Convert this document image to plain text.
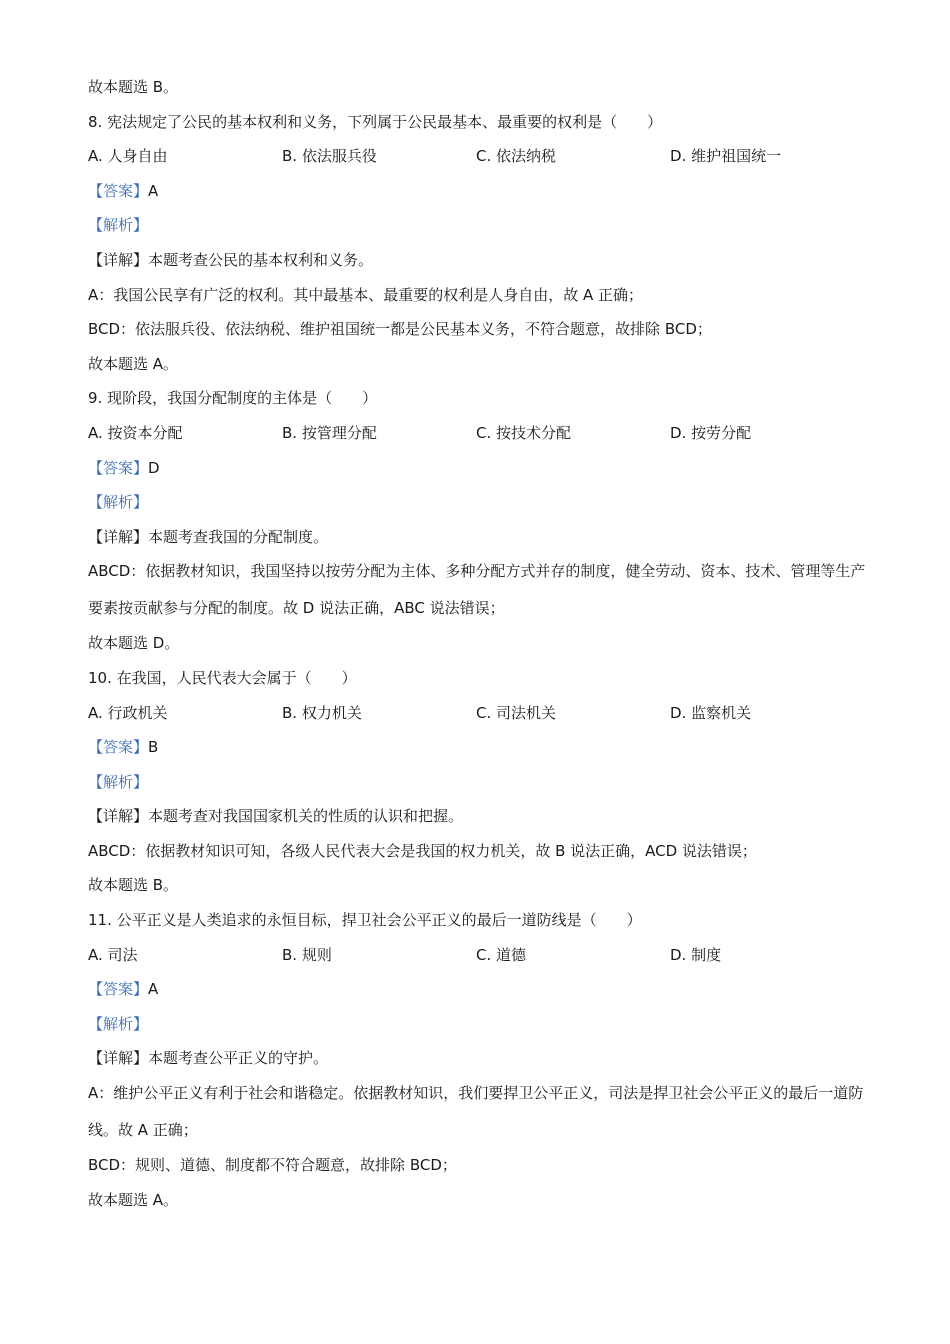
故本题选 B。

8. 宪法规定了公民的基本权利和义务，下列属于公民最基本、最重要的权利是（　　）

A. 人身自由	B. 依法服兵役	C. 依法纳税	D. 维护祖国统一

【答案】A

【解析】

【详解】本题考查公民的基本权利和义务。

A：我国公民享有广泛的权利。其中最基本、最重要的权利是人身自由，故 A 正确；

BCD：依法服兵役、依法纳税、维护祖国统一都是公民基本义务，不符合题意，故排除 BCD；

故本题选 A。

9. 现阶段，我国分配制度的主体是（　　）

A. 按资本分配	B. 按管理分配	C. 按技术分配	D. 按劳分配

【答案】D

【解析】

【详解】本题考查我国的分配制度。

ABCD：依据教材知识，我国坚持以按劳分配为主体、多种分配方式并存的制度，健全劳动、资本、技术、管理等生产要素按贡献参与分配的制度。故 D 说法正确，ABC 说法错误；

故本题选 D。

10. 在我国，人民代表大会属于（　　）

A. 行政机关	B. 权力机关	C. 司法机关	D. 监察机关

【答案】B

【解析】

【详解】本题考查对我国国家机关的性质的认识和把握。

ABCD：依据教材知识可知，各级人民代表大会是我国的权力机关，故 B 说法正确，ACD 说法错误；

故本题选 B。

11. 公平正义是人类追求的永恒目标，捍卫社会公平正义的最后一道防线是（　　）

A. 司法	B. 规则	C. 道德	D. 制度

【答案】A

【解析】

【详解】本题考查公平正义的守护。

A：维护公平正义有利于社会和谐稳定。依据教材知识，我们要捍卫公平正义，司法是捍卫社会公平正义的最后一道防线。故 A 正确；

BCD：规则、道德、制度都不符合题意，故排除 BCD；

故本题选 A。
